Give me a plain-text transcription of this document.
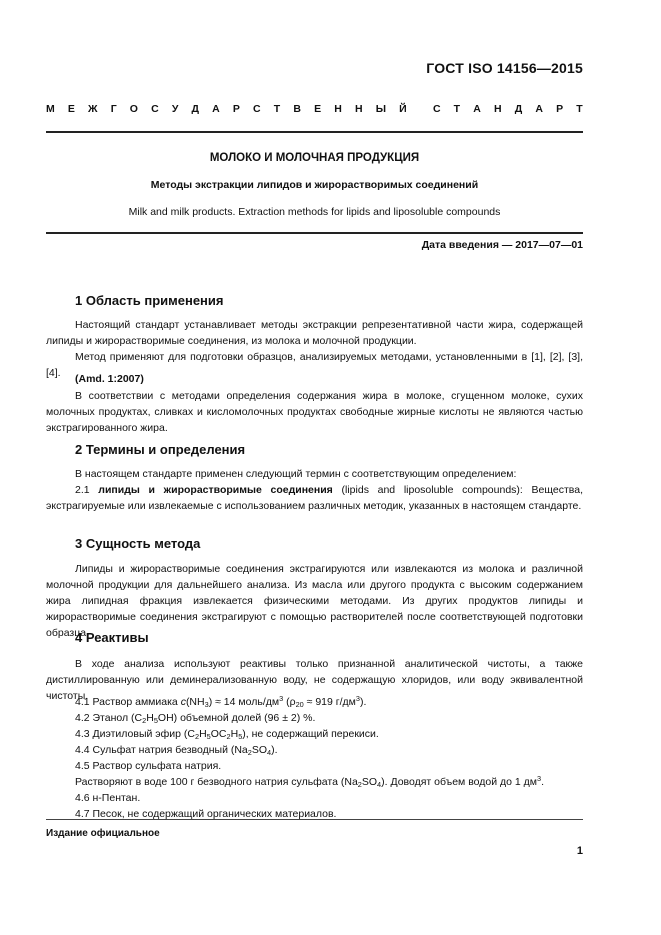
ГОСТ ISO 14156—2015
М Е Ж Г О С У Д А Р С Т В Е Н Н Ы Й	С Т А Н Д А Р Т
МОЛОКО И МОЛОЧНАЯ ПРОДУКЦИЯ
Методы экстракции липидов и жирорастворимых соединений
Milk and milk products. Extraction methods for lipids and liposoluble compounds
Дата введения — 2017—07—01
1 Область применения
Настоящий стандарт устанавливает методы экстракции репрезентативной части жира, содержащей липиды и жирорастворимые соединения, из молока и молочной продукции.
Метод применяют для подготовки образцов, анализируемых методами, установленными в [1], [2], [3], [4].	(Amd. 1:2007)
В соответствии с методами определения содержания жира в молоке, сгущенном молоке, сухих молочных продуктах, сливках и кисломолочных продуктах свободные жирные кислоты не являются частью экстрагированного жира.
2 Термины и определения
В настоящем стандарте применен следующий термин с соответствующим определением:
2.1 липиды и жирорастворимые соединения (lipids and liposoluble compounds): Вещества, экстрагируемые или извлекаемые с использованием различных методик, указанных в настоящем стандарте.
3 Сущность метода
Липиды и жирорастворимые соединения экстрагируются или извлекаются из молока и различной молочной продукции для дальнейшего анализа. Из масла или другого продукта с высоким содержанием жира липидная фракция извлекается физическими методами. Из других продуктов липиды и жирорастворимые соединения экстрагируют с помощью растворителей после соответствующей подготовки образца.
4 Реактивы
В ходе анализа используют реактивы только признанной аналитической чистоты, а также дистиллированную или деминерализованную воду, не содержащую хлоридов, или воду эквивалентной чистоты.
4.1 Раствор аммиака $c(NH_3) \approx 14$ моль/$дм^3$ ($\rho_{20} \approx 919$ $г/дм^3$).
4.2 Этанол $(C_2H_5OH)$ объемной долей (96 ± 2) %.
4.3 Диэтиловый эфир $(C_2H_5OC_2H_5)$, не содержащий перекиси.
4.4 Сульфат натрия безводный $(Na_2SO_4)$.
4.5 Раствор сульфата натрия.
Растворяют в воде 100 г безводного натрия сульфата $(Na_2SO_4)$. Доводят объем водой до 1 $дм^3$.
4.6 н-Пентан.
4.7 Песок, не содержащий органических материалов.
Издание официальное
1
